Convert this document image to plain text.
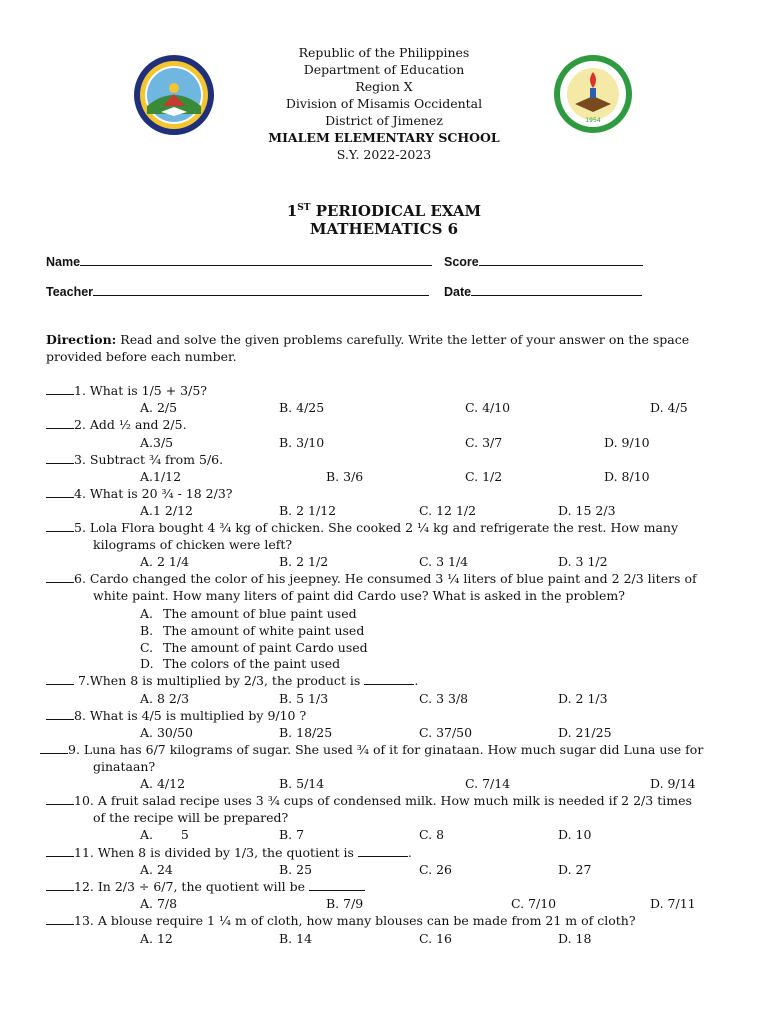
1954
Republic of the Philippines
Department of Education
Region X
Division of Misamis Occidental
District of Jimenez
MIALEM ELEMENTARY SCHOOL
S.Y. 2022-2023
1ST PERIODICAL EXAM
MATHEMATICS 6
Name	Score
Teacher	Date
Direction: Read and solve the given problems carefully. Write the letter of your answer on the space
provided before each number.
1. What is 1/5 + 3/5?
A. 2/5	B. 4/25	C. 4/10	D. 4/5
2. Add ½ and 2/5.
A.3/5	B. 3/10	C. 3/7	D. 9/10
3. Subtract ¾ from 5/6.
A.1/12	B. 3/6	C. 1/2	D. 8/10
4. What is 20 ¾ - 18 2/3?
A.1 2/12	B. 2 1/12	C. 12 1/2	D. 15 2/3
5. Lola Flora bought 4 ¾ kg of chicken. She cooked 2 ¼ kg and refrigerate the rest. How many
kilograms of chicken were left?
A. 2 1/4	B. 2 1/2	C. 3 1/4	D. 3 1/2
6. Cardo changed the color of his jeepney. He consumed 3 ¼ liters of blue paint and 2 2/3 liters of
white paint. How many liters of paint did Cardo use? What is asked in the problem?
A. The amount of blue paint used
B. The amount of white paint used
C. The amount of paint Cardo used
D. The colors of the paint used
7.When 8 is multiplied by 2/3, the product is	.
A. 8 2/3	B. 5 1/3	C. 3 3/8	D. 2 1/3
8. What is 4/5 is multiplied by 9/10 ?
A. 30/50	B. 18/25	C. 37/50	D. 21/25
9. Luna has 6/7 kilograms of sugar. She used ¾ of it for ginataan. How much sugar did Luna use for
ginataan?
A. 4/12	B. 5/14	C. 7/14	D. 9/14
10. A fruit salad recipe uses 3 ¾ cups of condensed milk. How much milk is needed if 2 2/3 times
of the recipe will be prepared?
A.       5	B. 7	C. 8	D. 10
11. When 8 is divided by 1/3, the quotient is	.
A. 24	B. 25	C. 26	D. 27
12. In 2/3 ÷ 6/7, the quotient will be
A. 7/8	B. 7/9	C. 7/10	D. 7/11
13. A blouse require 1 ¼ m of cloth, how many blouses can be made from 21 m of cloth?
A. 12	B. 14	C. 16	D. 18
